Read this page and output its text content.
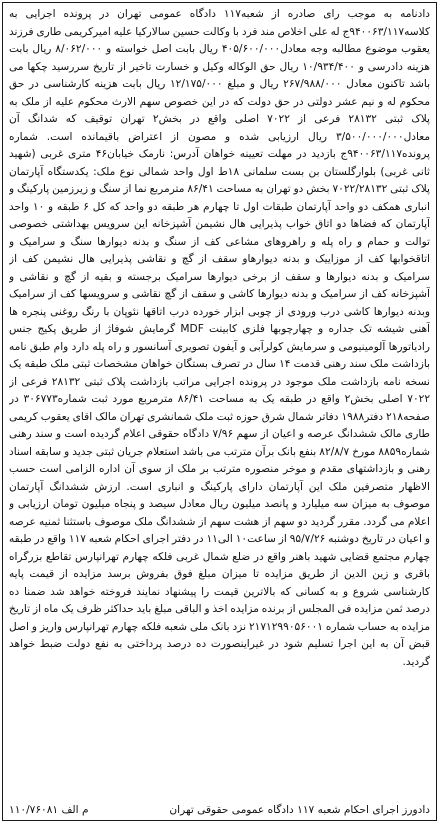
دادنامه به موجب رای صادره از شعبه۱۱۷ دادگاه عمومی تهران در پرونده اجرایی به کلاسه۹۴۰۰۶۳/۱۱۷ج له علی اخلاص مند فرد با وکالت حسین سالارکیا علیه امیرکریمی طاری فرزند یعقوب موضوع مطالبه وجه معادل۴۰۵/۶۰۰/۰۰۰ ریال بابت اصل خواسته و ۸/۰۶۲/۰۰۰ ریال بابت هزینه دادرسی و ۱۰/۹۳۴/۴۰۰ ریال حق الوکاله وکیل و خسارت تاخیر از تاریخ سررسید چکها می باشد تاکنون معادل ۲۶۷/۹۸۸/۰۰۰ ریال و مبلغ ۱۲/۱۷۵/۰۰۰ ریال بابت هزینه کارشناسی در حق محکوم له و نیم عشر دولتی در حق دولت که در این خصوص سهم الارث محکوم علیه از ملک به پلاک ثبتی ۲۸۱۳۲ فرعی از ۷۰۲۲ اصلی واقع در بخش۲ تهران توقیف که شدانگ آن معادل۳/۵۰۰/۰۰۰/۰۰۰ ریال ارزیابی شده و مصون از اعتراض باقیمانده است. شماره پرونده۹۴۰۰۶۳/۱۱۷ج بازدید در مهلت تعیینه خواهان آدرس: نارمک خیابان۴۶ متری غربی (شهید ثانی غربی) بلوارگلستان بن بست سلمانی ۱۸ط اول واحد شمالی نوع ملک: یکدستگاه آپارتمان پلاک ثبتی ۷۰۲۲/۲۸۱۳۲ بخش دو تهران به مساحت ۸۶/۴۱ مترمربع نما از سنگ و زیرزمین پارکینگ و انباری همکف دو واحد آپارتمان طبقات اول تا چهارم هر طبقه دو واحد که کل ۶ طبقه و ۱۰ واحد آپارتمان که فضاها دو اتاق خواب پذیرایی هال نشیمن آشپزخانه این سرویس بهداشتی خصوصی توالت و حمام و راه پله و راهروهای مشاعی کف از سنگ و بدنه دیوارها سنگ و سرامیک و اتاقخوابها کف از موزاییک و بدنه دیوارهاو سقف از گچ و نقاشی پذیرایی هال نشیمن کف از سرامیک و بدنه دیوارها و سقف از برخی دیوارها سرامیک برجسته و بقیه از گچ و نقاشی و آشپزخانه کف از سرامیک و بدنه دیوارها کاشی و سقف از گچ نقاشی و سرویسها کف از سرامیک وبدنه دیوارها کاشی درب ورودی از چوبی ابزار خورده درب اتاقها نئوپان با رنگ روغنی پنجره ها آهنی شیشه تک جداره و چهارچوبها فلزی کابینت MDF گرمایش شوفاژ از طریق پکیج جنس رادیاتورها آلومینیومی و سرمایش کولرآبی و آیفون تصویری آسانسور و راه پله دارد وام طبق نامه بازداشت ملک سند رهنی قدمت ۱۴ سال در تصرف بستگان خواهان مشخصات ثبتی ملک طبقه یک نسخه نامه بازداشت ملک موجود در پرونده اجرایی مراتب بازداشت پلاک ثبتی ۲۸۱۳۲ فرعی از ۷۰۲۲ اصلی بخش۲ واقع در طبقه یک به مساحت ۸۶/۴۱ مترمربع مورد ثبت شماره۳۰۶۷۷۳ در صفحه۲۱۸ دفتر۱۹۸۸ دفاتر شمال شرق حوزه ثبت ملک شمانشری تهران مالک اقای یعقوب کریمی طاری مالک ششدانگ عرصه و اعیان از سهم ۷/۹۶ دادگاه حقوقی اعلام گردیده است و سند رهنی شماره۸۸۵۹ مورخ ۸۲/۸/۷ بنفع بانک برآن مترتب می باشد استعلام جریان ثبتی جدید و سابقه اسناد رهنی و بازداشتهای مقدم و موخر منصوره مترتب بر ملک از سوی آن اداره الزامی است حسب الاظهار متصرفین ملک این آپارتمان دارای پارکینگ و انباری است. ارزش ششدانگ آپارتمان موصوف به میزان سه میلیارد و پانصد میلیون ریال معادل سیصد و پنجاه میلیون تومان ارزیابی و اعلام می گردد. مقرر گردید دو سهم از هشت سهم از ششدانگ ملک موصوف باستثنا ثمنیه عرصه و اعیان در تاریخ دوشنبه ۹۵/۷/۲۶ از ساعت۱۰ الی۱۱ در دفتر اجرای احکام شعبه ۱۱۷ واقع در طبقه چهارم مجتمع قضایی شهید باهنر واقع در ضلع شمال غربی فلکه چهارم تهرانپارس تقاطع بزرگراه باقری و زین الدین از طریق مزایده تا میزان مبلغ فوق بفروش برسد مزایده از قیمت پایه کارشناسی شروع و به کسانی که بالاترین قیمت را پیشنهاد نمایند فروخته خواهد شد ضمنا ده درصد ثمن مزایده فی المجلس از برنده مزایده اخذ و الباقی مبلغ باید حداکثر ظرف یک ماه از تاریخ مزایده به حساب شماره ۲۱۷۱۲۹۹۰۵۶۰۰۱ نزد بانک ملی شعبه فلکه چهارم تهرانپارس واریز و اصل قبض آن به این اجرا تسلیم شود در غیراینصورت ده درصد پرداختی به نفع دولت ضبط خواهد گردید.

دادورز اجرای احکام شعبه ۱۱۷ دادگاه عمومی حقوقی تهران
۱۱۰/۷۶۰۸۱ م الف
